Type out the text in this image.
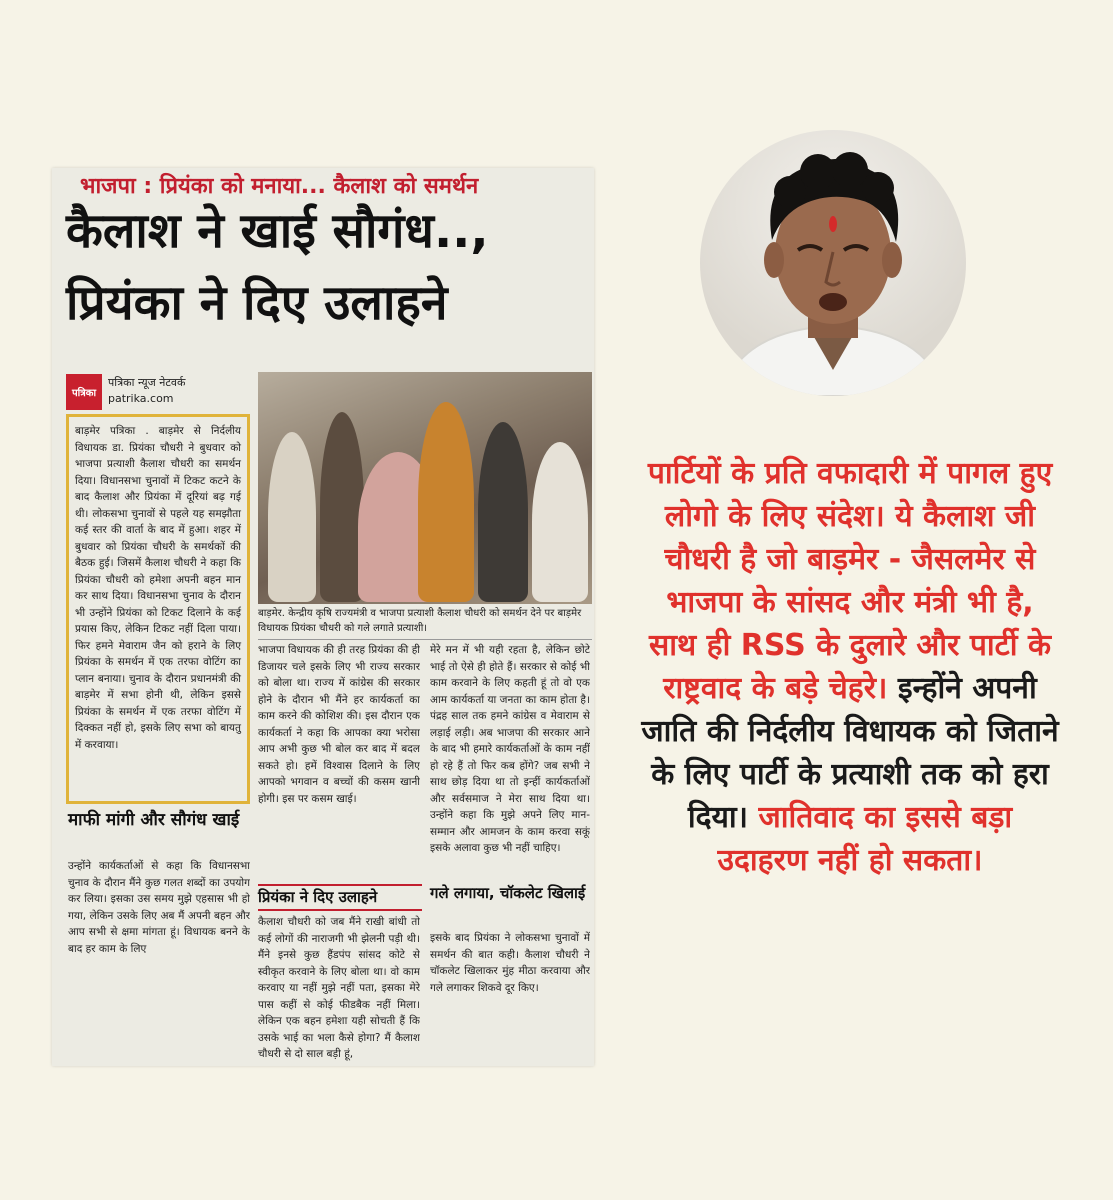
भाजपा : प्रियंका को मनाया... कैलाश को समर्थन
कैलाश ने खाई सौगंध..,
प्रियंका ने दिए उलाहने
पत्रिका
पत्रिका न्यूज नेटवर्क
patrika.com
बाड़मेर पत्रिका . बाड़मेर से निर्दलीय विधायक डा. प्रियंका चौधरी ने बुधवार को भाजपा प्रत्याशी कैलाश चौधरी का समर्थन दिया। विधानसभा चुनावों में टिकट कटने के बाद कैलाश और प्रियंका में दूरियां बढ़ गई थी। लोकसभा चुनावों से पहले यह समझौता कई स्तर की वार्ता के बाद में हुआ। शहर में बुधवार को प्रियंका चौधरी के समर्थकों की बैठक हुई। जिसमें कैलाश चौधरी ने कहा कि प्रियंका चौधरी को हमेशा अपनी बहन मान कर साथ दिया। विधानसभा चुनाव के दौरान भी उन्होंने प्रियंका को टिकट दिलाने के कई प्रयास किए, लेकिन टिकट नहीं दिला पाया। फिर हमने मेवाराम जैन को हराने के लिए प्रियंका के समर्थन में एक तरफा वोटिंग का प्लान बनाया। चुनाव के दौरान प्रधानमंत्री की बाड़मेर में सभा होनी थी, लेकिन इससे प्रियंका के समर्थन में एक तरफा वोटिंग में दिक्कत नहीं हो, इसके लिए सभा को बायतु में करवाया।
माफी मांगी और सौगंध खाई
उन्होंने कार्यकर्ताओं से कहा कि विधानसभा चुनाव के दौरान मैंने कुछ गलत शब्दों का उपयोग कर लिया। इसका उस समय मुझे एहसास भी हो गया, लेकिन उसके लिए अब मैं अपनी बहन और आप सभी से क्षमा मांगता हूं। विधायक बनने के बाद हर काम के लिए
बाड़मेर. केन्द्रीय कृषि राज्यमंत्री व भाजपा प्रत्याशी कैलाश चौधरी को समर्थन देने पर बाड़मेर विधायक प्रियंका चौधरी को गले लगाते प्रत्याशी।
भाजपा विधायक की ही तरह प्रियंका की ही डिजायर चले इसके लिए भी राज्य सरकार को बोला था। राज्य में कांग्रेस की सरकार होने के दौरान भी मैंने हर कार्यकर्ता का काम करने की कोशिश की। इस दौरान एक कार्यकर्ता ने कहा कि आपका क्या भरोसा आप अभी कुछ भी बोल कर बाद में बदल सकते हो। हमें विश्वास दिलाने के लिए आपको भगवान व बच्चों की कसम खानी होगी। इस पर कसम खाई।
प्रियंका ने दिए उलाहने
कैलाश चौधरी को जब मैंने राखी बांधी तो कई लोगों की नाराजगी भी झेलनी पड़ी थी। मैंने इनसे कुछ हैंडपंप सांसद कोटे से स्वीकृत करवाने के लिए बोला था। वो काम करवाए या नहीं मुझे नहीं पता, इसका मेरे पास कहीं से कोई फीडबैक नहीं मिला। लेकिन एक बहन हमेशा यही सोचती हैं कि उसके भाई का भला कैसे होगा? मैं कैलाश चौधरी से दो साल बड़ी हूं,
मेरे मन में भी यही रहता है, लेकिन छोटे भाई तो ऐसे ही होते हैं। सरकार से कोई भी काम करवाने के लिए कहती हूं तो वो एक आम कार्यकर्ता या जनता का काम होता है। पंद्रह साल तक हमने कांग्रेस व मेवाराम से लड़ाई लड़ी। अब भाजपा की सरकार आने के बाद भी हमारे कार्यकर्ताओं के काम नहीं हो रहे हैं तो फिर कब होंगे? जब सभी ने साथ छोड़ दिया था तो इन्हीं कार्यकर्ताओं और सर्वसमाज ने मेरा साथ दिया था। उन्होंने कहा कि मुझे अपने लिए मान-सम्मान और आमजन के काम करवा सकूं इसके अलावा कुछ भी नहीं चाहिए।
गले लगाया, चॉकलेट खिलाई
इसके बाद प्रियंका ने लोकसभा चुनावों में समर्थन की बात कही। कैलाश चौधरी ने चॉकलेट खिलाकर मुंह मीठा करवाया और गले लगाकर शिकवे दूर किए।
पार्टियों के प्रति वफादारी में पागल हुए लोगो के लिए संदेश। ये कैलाश जी चौधरी है जो बाड़मेर - जैसलमेर से भाजपा के सांसद और मंत्री भी है, साथ ही RSS के दुलारे और पार्टी के राष्ट्रवाद के बड़े चेहरे। इन्होंने अपनी जाति की निर्दलीय विधायक को जिताने के लिए पार्टी के प्रत्याशी तक को हरा दिया। जातिवाद का इससे बड़ा उदाहरण नहीं हो सकता।
